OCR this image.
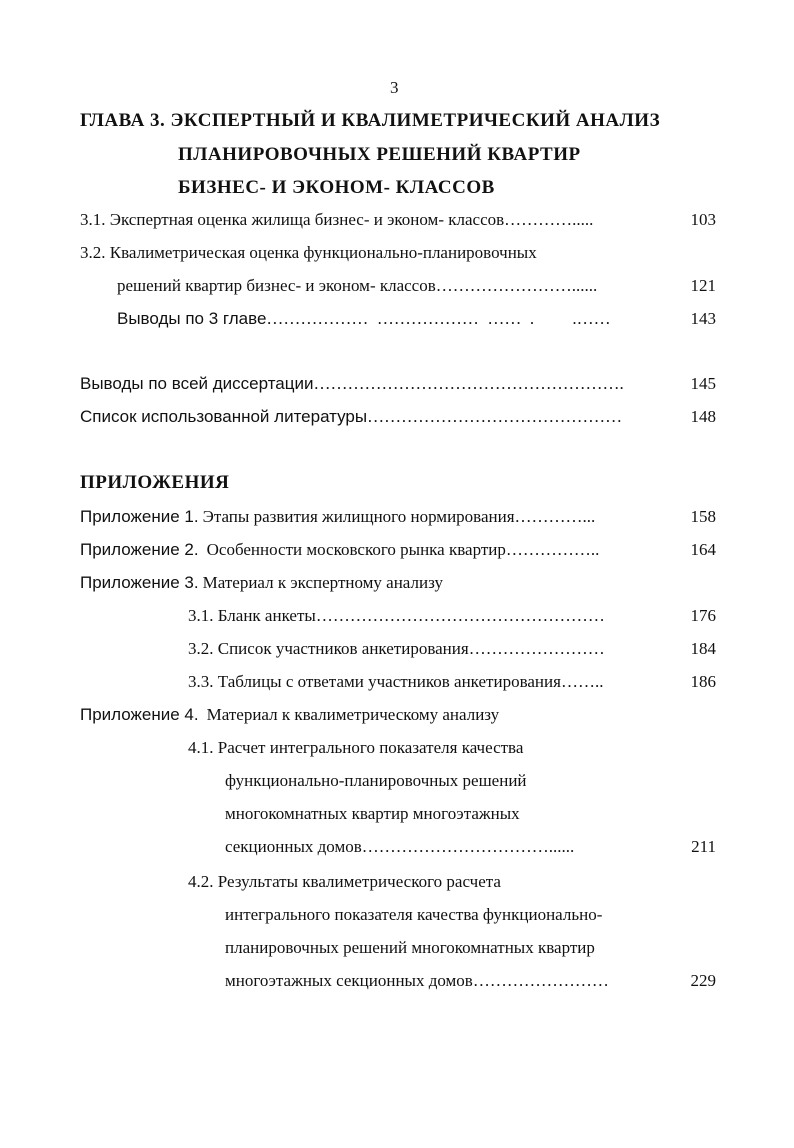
3
ГЛАВА 3. ЭКСПЕРТНЫЙ И КВАЛИМЕТРИЧЕСКИЙ АНАЛИЗ
ПЛАНИРОВОЧНЫХ РЕШЕНИЙ КВАРТИР
БИЗНЕС- И ЭКОНОМ- КЛАССОВ
3.1. Экспертная оценка жилища бизнес- и эконом- классов………….....	103
3.2. Квалиметрическая оценка функционально-планировочных
решений квартир бизнес- и эконом- классов……………………......	121
Выводы по 3 главе………………  ………………  ……  .         .……	143
Выводы по всей диссертации……………………………………………….	145
Список использованной литературы………………………………………	148
ПРИЛОЖЕНИЯ
Приложение 1. Этапы развития жилищного нормирования…………...	158
Приложение 2. Особенности московского рынка квартир……………..	164
Приложение 3. Материал к экспертному анализу
3.1. Бланк анкеты……………………………………………	176
3.2. Список участников анкетирования……………………	184
3.3. Таблицы с ответами участников анкетирования……..	186
Приложение 4. Материал к квалиметрическому анализу
4.1. Расчет интегрального показателя качества
функционально-планировочных решений
многокомнатных квартир многоэтажных
секционных домов……………………………......	211
4.2. Результаты квалиметрического расчета
интегрального показателя качества функционально-
планировочных решений многокомнатных квартир
многоэтажных секционных домов……………………	229
